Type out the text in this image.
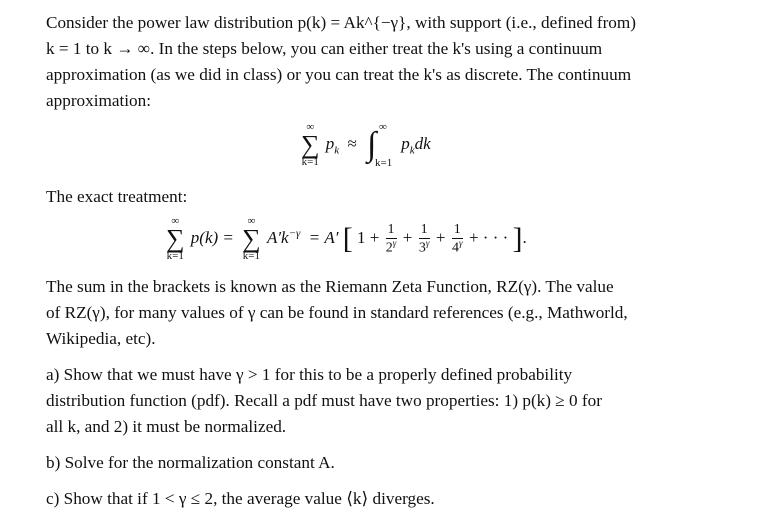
Consider the power law distribution p(k) = Ak^{−γ}, with support (i.e., defined from)
k = 1 to k → ∞. In the steps below, you can either treat the k's using a continuum
approximation (as we did in class) or you can treat the k's as discrete. The continuum
approximation:

∞
∑
k=1
$p_k$ ≈ ∫ ∞
k=1
$p_kdk$

The exact treatment:

∞
∑
k=1
p(k) =
∞
∑
k=1
$A'k^{-\gamma} = A'$ [ $1 + \frac{1}{2^\gamma} + \frac{1}{3^\gamma} + \frac{1}{4^\gamma}$ + · · · ].

The sum in the brackets is known as the Riemann Zeta Function, RZ(γ). The value
of RZ(γ), for many values of γ can be found in standard references (e.g., Mathworld,
Wikipedia, etc).

a) Show that we must have γ > 1 for this to be a properly defined probability
distribution function (pdf). Recall a pdf must have two properties: 1) p(k) ≥ 0 for
all k, and 2) it must be normalized.

b) Solve for the normalization constant A.

c) Show that if 1 < γ ≤ 2, the average value ⟨k⟩ diverges.
